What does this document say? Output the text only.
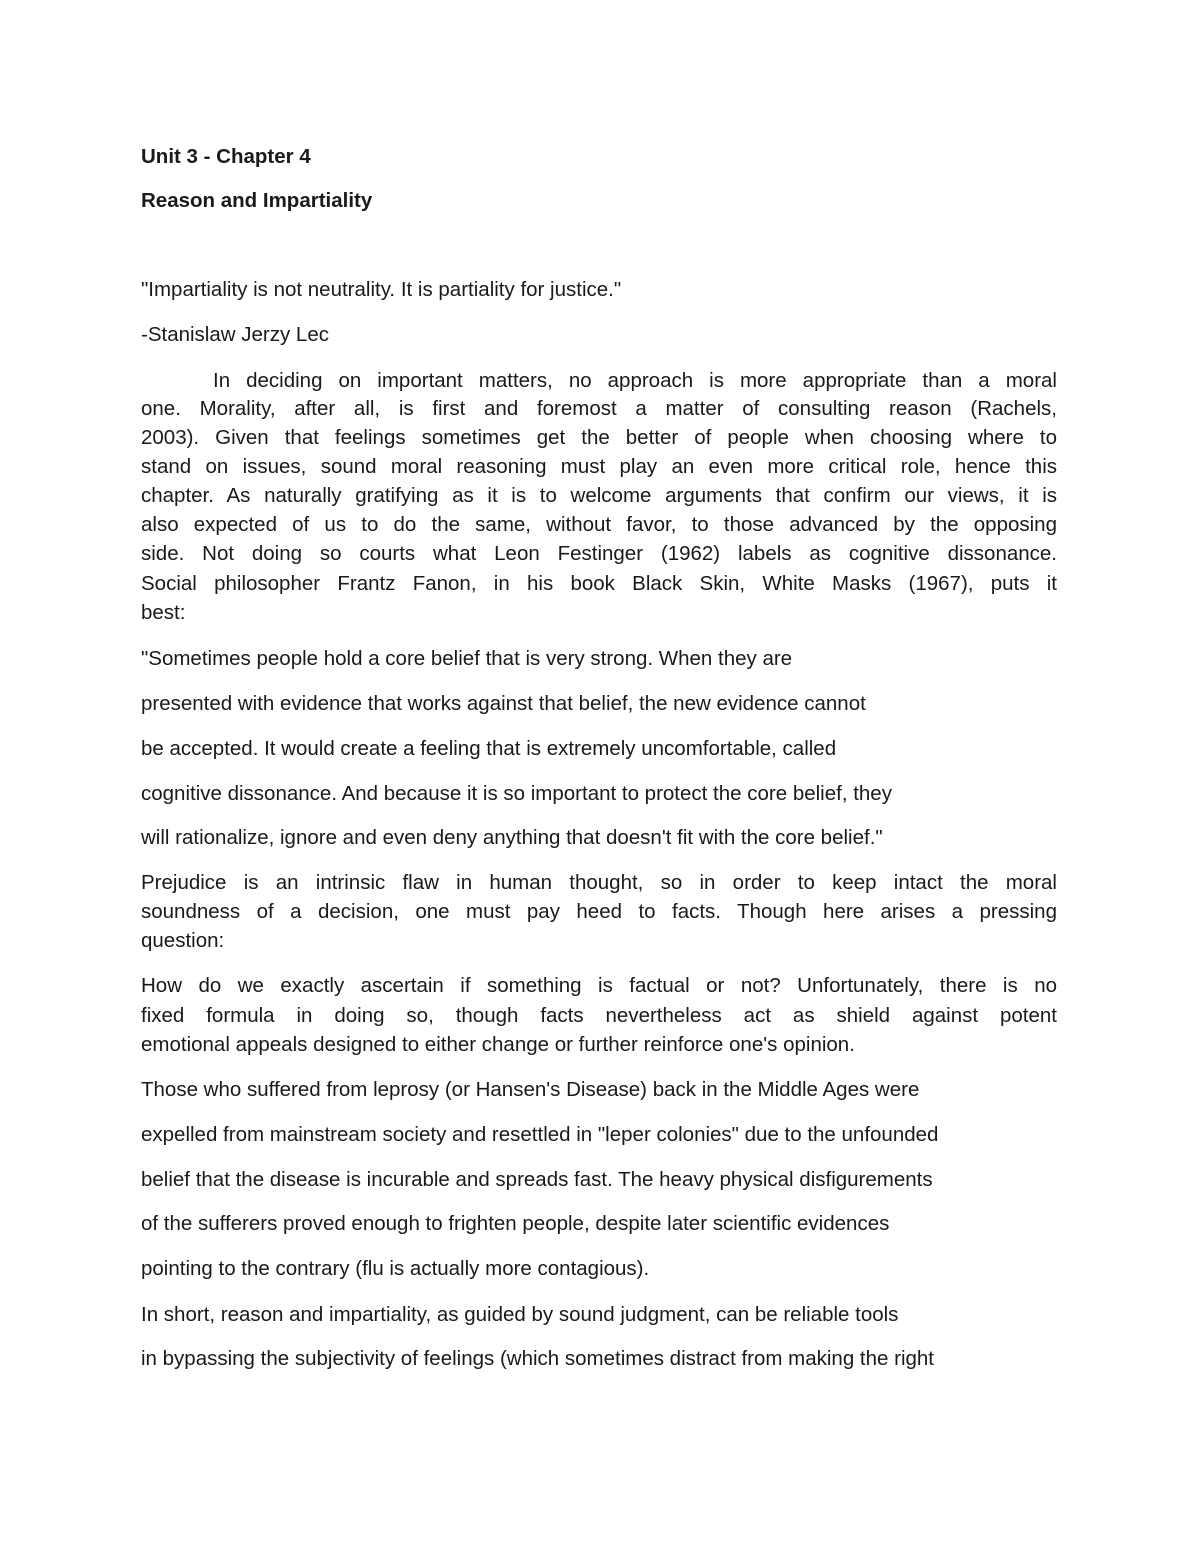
Unit 3 - Chapter 4
Reason and Impartiality
"Impartiality is not neutrality. It is partiality for justice."
-Stanislaw Jerzy Lec
In deciding on important matters, no approach is more appropriate than a moral
one. Morality, after all, is first and foremost a matter of consulting reason (Rachels,
2003). Given that feelings sometimes get the better of people when choosing where to
stand on issues, sound moral reasoning must play an even more critical role, hence this
chapter. As naturally gratifying as it is to welcome arguments that confirm our views, it is
also expected of us to do the same, without favor, to those advanced by the opposing
side. Not doing so courts what Leon Festinger (1962) labels as cognitive dissonance.
Social philosopher Frantz Fanon, in his book Black Skin, White Masks (1967), puts it
best:
"Sometimes people hold a core belief that is very strong. When they are
presented with evidence that works against that belief, the new evidence cannot
be accepted. It would create a feeling that is extremely uncomfortable, called
cognitive dissonance. And because it is so important to protect the core belief, they
will rationalize, ignore and even deny anything that doesn't fit with the core belief."
Prejudice is an intrinsic flaw in human thought, so in order to keep intact the moral
soundness of a decision, one must pay heed to facts. Though here arises a pressing
question:
How do we exactly ascertain if something is factual or not? Unfortunately, there is no
fixed formula in doing so, though facts nevertheless act as shield against potent
emotional appeals designed to either change or further reinforce one's opinion.
Those who suffered from leprosy (or Hansen's Disease) back in the Middle Ages were
expelled from mainstream society and resettled in "leper colonies" due to the unfounded
belief that the disease is incurable and spreads fast. The heavy physical disfigurements
of the sufferers proved enough to frighten people, despite later scientific evidences
pointing to the contrary (flu is actually more contagious).
In short, reason and impartiality, as guided by sound judgment, can be reliable tools
in bypassing the subjectivity of feelings (which sometimes distract from making the right
